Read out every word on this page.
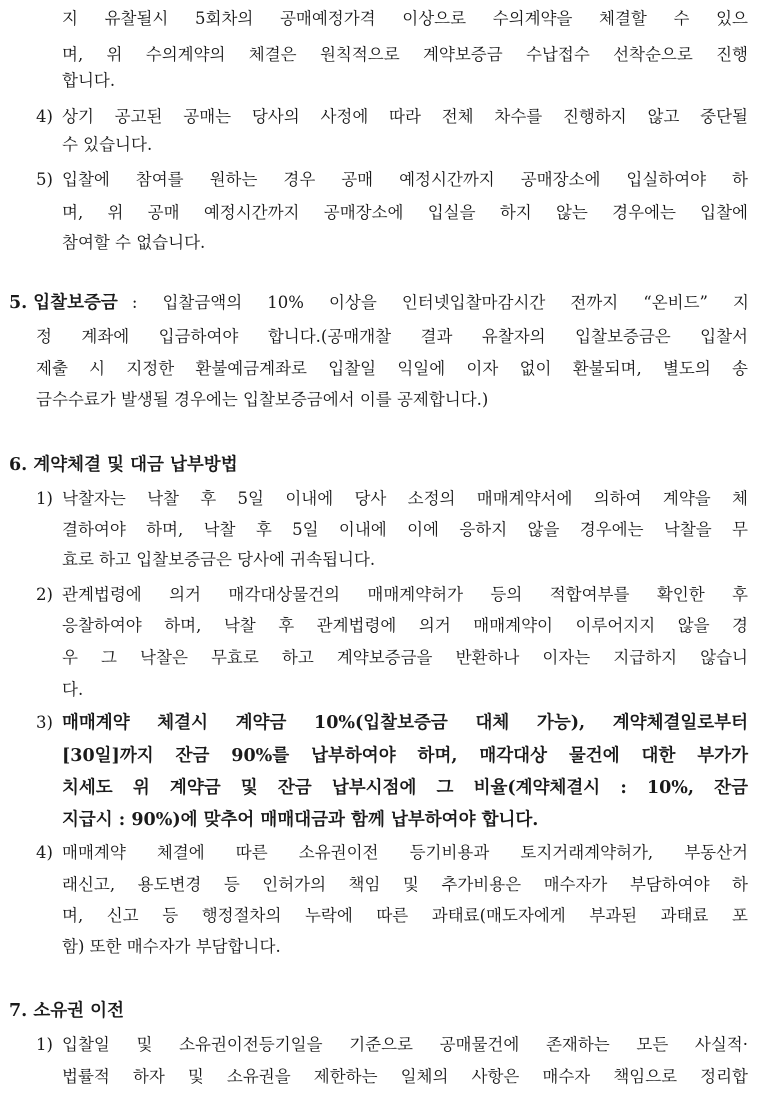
지 유찰될시 5회차의 공매예정가격 이상으로 수의계약을 체결할 수 있으

며, 위 수의계약의 체결은 원칙적으로 계약보증금 수납접수 선착순으로 진행

합니다.

4) 상기 공고된 공매는 당사의 사정에 따라 전체 차수를 진행하지 않고 중단될

수 있습니다.

5) 입찰에 참여를 원하는 경우 공매 예정시간까지 공매장소에 입실하여야 하

며, 위 공매 예정시간까지 공매장소에 입실을 하지 않는 경우에는 입찰에

참여할 수 없습니다.

5. 입찰보증금 : 입찰금액의 10% 이상을 인터넷입찰마감시간 전까지 “온비드” 지

정 계좌에 입금하여야 합니다.(공매개찰 결과 유찰자의 입찰보증금은 입찰서

제출 시 지정한 환불예금계좌로 입찰일 익일에 이자 없이 환불되며, 별도의 송

금수수료가 발생될 경우에는 입찰보증금에서 이를 공제합니다.)

6. 계약체결 및 대금 납부방법

1) 낙찰자는 낙찰 후 5일 이내에 당사 소정의 매매계약서에 의하여 계약을 체

결하여야 하며, 낙찰 후 5일 이내에 이에 응하지 않을 경우에는 낙찰을 무

효로 하고 입찰보증금은 당사에 귀속됩니다.

2) 관계법령에 의거 매각대상물건의 매매계약허가 등의 적합여부를 확인한 후

응찰하여야 하며, 낙찰 후 관계법령에 의거 매매계약이 이루어지지 않을 경

우 그 낙찰은 무효로 하고 계약보증금을 반환하나 이자는 지급하지 않습니

다.

3) 매매계약 체결시 계약금 10%(입찰보증금 대체 가능), 계약체결일로부터

[30일]까지 잔금 90%를 납부하여야 하며, 매각대상 물건에 대한 부가가

치세도 위 계약금 및 잔금 납부시점에 그 비율(계약체결시 : 10%, 잔금

지급시 : 90%)에 맞추어 매매대금과 함께 납부하여야 합니다.

4) 매매계약 체결에 따른 소유권이전 등기비용과 토지거래계약허가, 부동산거

래신고, 용도변경 등 인허가의 책임 및 추가비용은 매수자가 부담하여야 하

며, 신고 등 행정절차의 누락에 따른 과태료(매도자에게 부과된 과태료 포

함) 또한 매수자가 부담합니다.

7. 소유권 이전

1) 입찰일 및 소유권이전등기일을 기준으로 공매물건에 존재하는 모든 사실적·

법률적 하자 및 소유권을 제한하는 일체의 사항은 매수자 책임으로 정리합
